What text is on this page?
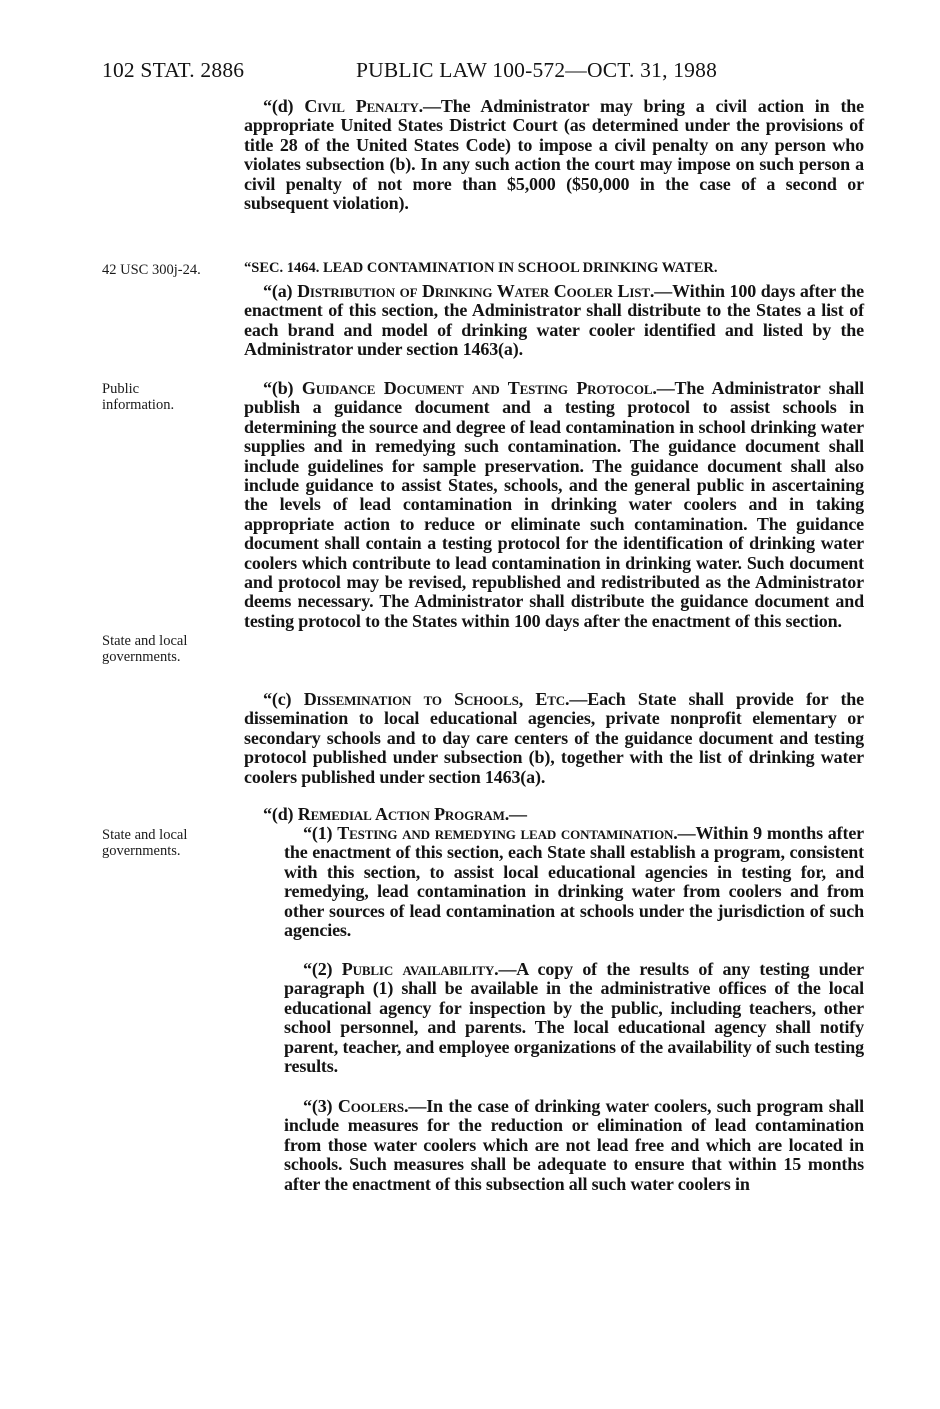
102 STAT. 2886	PUBLIC LAW 100-572—OCT. 31, 1988

“(d) Civil Penalty.—The Administrator may bring a civil action in the appropriate United States District Court (as determined under the provisions of title 28 of the United States Code) to impose a civil penalty on any person who violates subsection (b). In any such action the court may impose on such person a civil penalty of not more than $5,000 ($50,000 in the case of a second or subsequent violation).

42 USC 300j-24.	“SEC. 1464. LEAD CONTAMINATION IN SCHOOL DRINKING WATER.

“(a) Distribution of Drinking Water Cooler List.—Within 100 days after the enactment of this section, the Administrator shall distribute to the States a list of each brand and model of drinking water cooler identified and listed by the Administrator under section 1463(a).

Public
information.

“(b) Guidance Document and Testing Protocol.—The Administrator shall publish a guidance document and a testing protocol to assist schools in determining the source and degree of lead contamination in school drinking water supplies and in remedying such contamination. The guidance document shall include guidelines for sample preservation. The guidance document shall also include guidance to assist States, schools, and the general public in ascertaining the levels of lead contamination in drinking water coolers and in taking appropriate action to reduce or eliminate such contamination. The guidance document shall contain a testing protocol for the identification of drinking water coolers which contribute to lead contamination in drinking water. Such document and protocol may be revised, republished and redistributed as the Administrator deems necessary. The Administrator shall distribute the guidance document and testing protocol to the States within 100 days after the enactment of this section.

State and local
governments.

“(c) Dissemination to Schools, Etc.—Each State shall provide for the dissemination to local educational agencies, private nonprofit elementary or secondary schools and to day care centers of the guidance document and testing protocol published under subsection (b), together with the list of drinking water coolers published under section 1463(a).

“(d) Remedial Action Program.—

State and local
governments.

“(1) Testing and remedying lead contamination.—Within 9 months after the enactment of this section, each State shall establish a program, consistent with this section, to assist local educational agencies in testing for, and remedying, lead contamination in drinking water from coolers and from other sources of lead contamination at schools under the jurisdiction of such agencies.

“(2) Public availability.—A copy of the results of any testing under paragraph (1) shall be available in the administrative offices of the local educational agency for inspection by the public, including teachers, other school personnel, and parents. The local educational agency shall notify parent, teacher, and employee organizations of the availability of such testing results.

“(3) Coolers.—In the case of drinking water coolers, such program shall include measures for the reduction or elimination of lead contamination from those water coolers which are not lead free and which are located in schools. Such measures shall be adequate to ensure that within 15 months after the enactment of this subsection all such water coolers in
